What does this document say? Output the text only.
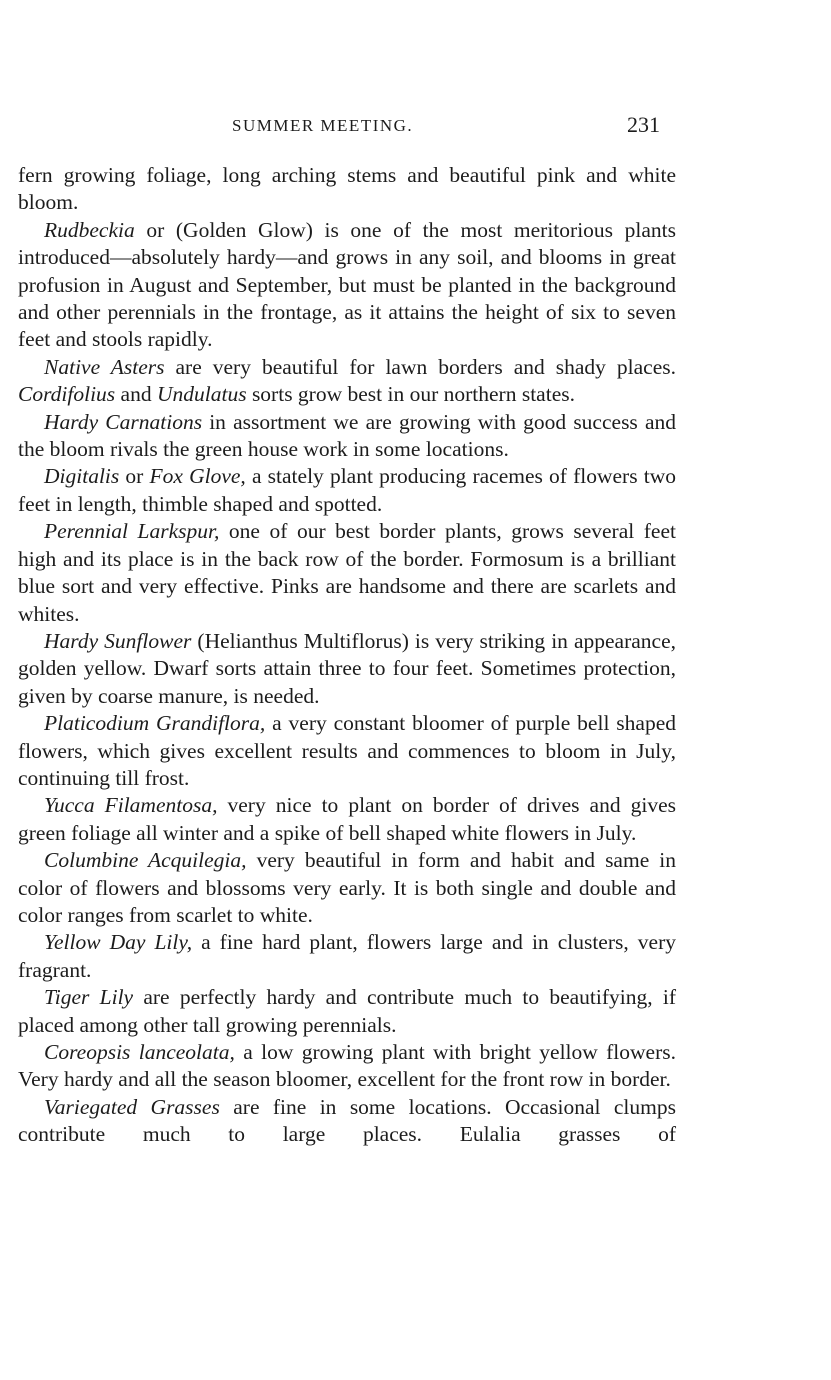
SUMMER MEETING.	231

fern growing foliage, long arching stems and beautiful pink and white bloom.

Rudbeckia or (Golden Glow) is one of the most meritorious plants introduced—absolutely hardy—and grows in any soil, and blooms in great profusion in August and September, but must be planted in the background and other perennials in the frontage, as it attains the height of six to seven feet and stools rapidly.

Native Asters are very beautiful for lawn borders and shady places. Cordifolius and Undulatus sorts grow best in our northern states.

Hardy Carnations in assortment we are growing with good success and the bloom rivals the green house work in some locations.

Digitalis or Fox Glove, a stately plant producing racemes of flowers two feet in length, thimble shaped and spotted.

Perennial Larkspur, one of our best border plants, grows several feet high and its place is in the back row of the border. Formosum is a brilliant blue sort and very effective. Pinks are handsome and there are scarlets and whites.

Hardy Sunflower (Helianthus Multiflorus) is very striking in appearance, golden yellow. Dwarf sorts attain three to four feet. Sometimes protection, given by coarse manure, is needed.

Platicodium Grandiflora, a very constant bloomer of purple bell shaped flowers, which gives excellent results and commences to bloom in July, continuing till frost.

Yucca Filamentosa, very nice to plant on border of drives and gives green foliage all winter and a spike of bell shaped white flowers in July.

Columbine Acquilegia, very beautiful in form and habit and same in color of flowers and blossoms very early. It is both single and double and color ranges from scarlet to white.

Yellow Day Lily, a fine hard plant, flowers large and in clusters, very fragrant.

Tiger Lily are perfectly hardy and contribute much to beautifying, if placed among other tall growing perennials.

Coreopsis lanceolata, a low growing plant with bright yellow flowers. Very hardy and all the season bloomer, excellent for the front row in border.

Variegated Grasses are fine in some locations. Occasional clumps contribute much to large places. Eulalia grasses of
